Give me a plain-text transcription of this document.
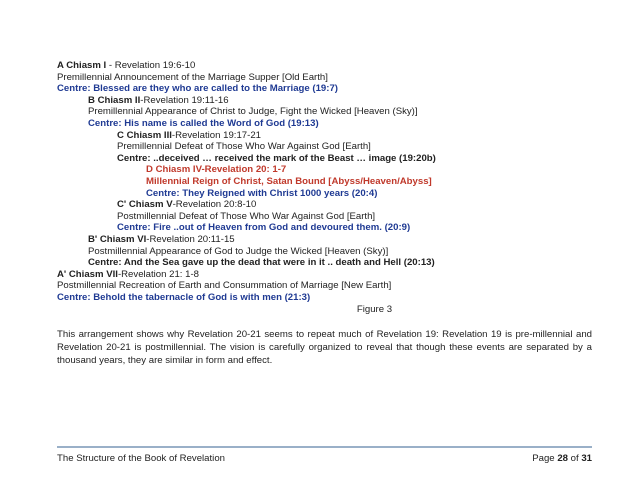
A Chiasm I - Revelation 19:6-10
Premillennial Announcement of the Marriage Supper [Old Earth]
Centre: Blessed are they who are called to the Marriage (19:7)
B Chiasm II-Revelation 19:11-16
Premillennial Appearance of Christ to Judge, Fight the Wicked [Heaven (Sky)]
Centre: His name is called the Word of God (19:13)
C Chiasm III-Revelation 19:17-21
Premillennial Defeat of Those Who War Against God [Earth]
Centre: ..deceived … received the mark of the Beast … image (19:20b)
D Chiasm IV-Revelation 20: 1-7
Millennial Reign of Christ, Satan Bound [Abyss/Heaven/Abyss]
Centre: They Reigned with Christ 1000 years (20:4)
C' Chiasm V-Revelation 20:8-10
Postmillennial Defeat of Those Who War Against God [Earth]
Centre: Fire ..out of Heaven from God and devoured them. (20:9)
B' Chiasm VI-Revelation 20:11-15
Postmillennial Appearance of God to Judge the Wicked [Heaven (Sky)]
Centre: And the Sea gave up the dead that were in it .. death and Hell (20:13)
A' Chiasm VII-Revelation 21: 1-8
Postmillennial Recreation of Earth and Consummation of Marriage [New Earth]
Centre: Behold the tabernacle of God is with men (21:3)
Figure 3
This arrangement shows why Revelation 20-21 seems to repeat much of Revelation 19: Revelation 19 is pre-millennial and Revelation 20-21 is postmillennial. The vision is carefully organized to reveal that though these events are separated by a thousand years, they are similar in form and effect.
The Structure of the Book of Revelation	Page 28 of 31
